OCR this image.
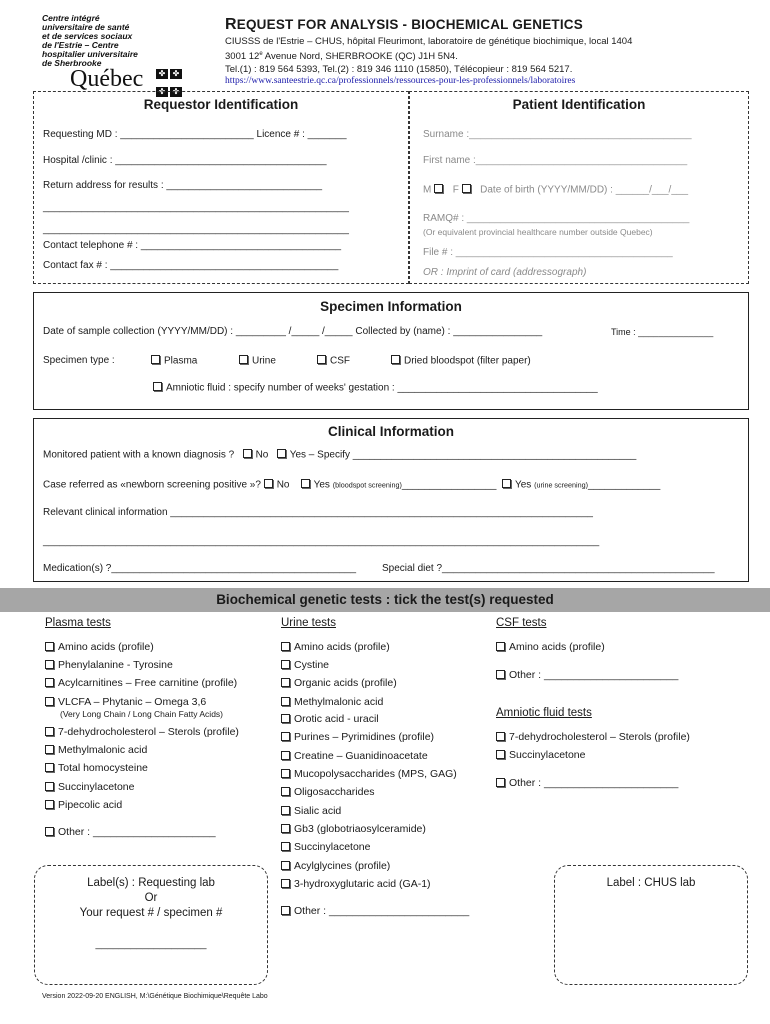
Centre intégré
universitaire de santé
et de services sociaux
de l'Estrie – Centre
hospitalier universitaire
de Sherbrooke
Québec	✤ ✤
✤ ✤
REQUEST FOR ANALYSIS - BIOCHEMICAL GENETICS
CIUSSS de l'Estrie – CHUS, hôpital Fleurimont, laboratoire de génétique biochimique, local 1404
3001 12e Avenue Nord, SHERBROOKE (QC) J1H 5N4.
Tel.(1) : 819 564 5393, Tel.(2) : 819 346 1110 (15850), Télécopieur : 819 564 5217.
https://www.santeestrie.qc.ca/professionnels/ressources-pour-les-professionnels/laboratoires
Requestor Identification
Requesting MD : ________________________ Licence # : _______
Hospital /clinic : ______________________________________
Return address for results : ____________________________
_______________________________________________________
_______________________________________________________
Contact telephone # : ____________________________________
Contact fax # : _________________________________________
Patient Identification
Surname :________________________________________
First name :______________________________________
M F Date of birth (YYYY/MM/DD) : ______/___/___
RAMQ# : ________________________________________
(Or equivalent provincial healthcare number outside Quebec)
File # : _______________________________________
OR : Imprint of card (addressograph)
Specimen Information
Date of sample collection (YYYY/MM/DD) : _________ /_____ /_____ Collected by (name) : ________________	Time : _______________
Specimen type :	Plasma	Urine	CSF	Dried bloodspot (filter paper)
Amniotic fluid : specify number of weeks' gestation : ____________________________________
Clinical Information
Monitored patient with a known diagnosis ? No Yes – Specify ___________________________________________________
Case referred as «newborn screening positive »? No Yes (bloodspot screening)_________________ Yes (urine screening)_____________
Relevant clinical information ____________________________________________________________________________
____________________________________________________________________________________________________
Medication(s) ?____________________________________________	Special diet ?_________________________________________________
Biochemical genetic tests : tick the test(s) requested
Plasma tests
Amino acids (profile)
Phenylalanine - Tyrosine
Acylcarnitines – Free carnitine (profile)
VLCFA – Phytanic – Omega 3,6
(Very Long Chain / Long Chain Fatty Acids)
7-dehydrocholesterol – Sterols (profile)
Methylmalonic acid
Total homocysteine
Succinylacetone
Pipecolic acid
Other : _____________________
Urine tests
Amino acids (profile)
Cystine
Organic acids (profile)
Methylmalonic acid
Orotic acid - uracil
Purines – Pyrimidines (profile)
Creatine – Guanidinoacetate
Mucopolysaccharides (MPS, GAG)
Oligosaccharides
Sialic acid
Gb3 (globotriaosylceramide)
Succinylacetone
Acylglycines (profile)
3-hydroxyglutaric acid (GA-1)
Other : ________________________
CSF tests
Amino acids (profile)
Other : _______________________
Amniotic fluid tests
7-dehydrocholesterol – Sterols (profile)
Succinylacetone
Other : _______________________
Label(s) : Requesting lab
Or
Your request # / specimen #
___________________
Label : CHUS lab
Version 2022-09-20 ENGLISH, M:\Génétique Biochimique\Requête Labo
